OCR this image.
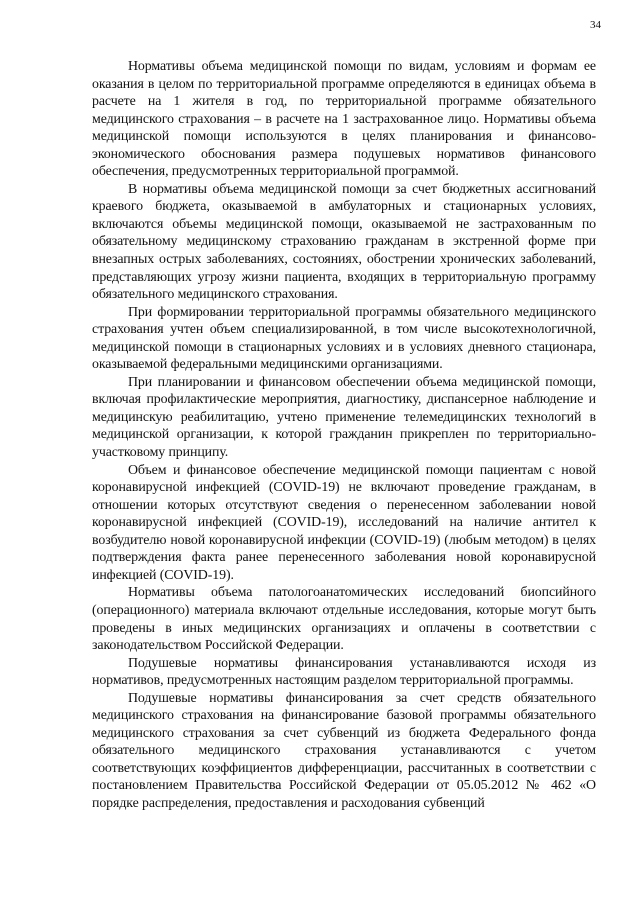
34

Нормативы объема медицинской помощи по видам, условиям и формам ее оказания в целом по территориальной программе определяются в единицах объема в расчете на 1 жителя в год, по территориальной программе обязательного медицинского страхования – в расчете на 1 застрахованное лицо. Нормативы объема медицинской помощи используются в целях планирования и финансово-экономического обоснования размера подушевых нормативов финансового обеспечения, предусмотренных территориальной программой.

В нормативы объема медицинской помощи за счет бюджетных ассигнований краевого бюджета, оказываемой в амбулаторных и стационарных условиях, включаются объемы медицинской помощи, оказываемой не застрахованным по обязательному медицинскому страхованию гражданам в экстренной форме при внезапных острых заболеваниях, состояниях, обострении хронических заболеваний, представляющих угрозу жизни пациента, входящих в территориальную программу обязательного медицинского страхования.

При формировании территориальной программы обязательного медицинского страхования учтен объем специализированной, в том числе высокотехнологичной, медицинской помощи в стационарных условиях и в условиях дневного стационара, оказываемой федеральными медицинскими организациями.

При планировании и финансовом обеспечении объема медицинской помощи, включая профилактические мероприятия, диагностику, диспансерное наблюдение и медицинскую реабилитацию, учтено применение телемедицинских технологий в медицинской организации, к которой гражданин прикреплен по территориально-участковому принципу.

Объем и финансовое обеспечение медицинской помощи пациентам с новой коронавирусной инфекцией (COVID-19) не включают проведение гражданам, в отношении которых отсутствуют сведения о перенесенном заболевании новой коронавирусной инфекцией (COVID-19), исследований на наличие антител к возбудителю новой коронавирусной инфекции (COVID-19) (любым методом) в целях подтверждения факта ранее перенесенного заболевания новой коронавирусной инфекцией (COVID-19).

Нормативы объема патологоанатомических исследований биопсийного (операционного) материала включают отдельные исследования, которые могут быть проведены в иных медицинских организациях и оплачены в соответствии с законодательством Российской Федерации.

Подушевые нормативы финансирования устанавливаются исходя из нормативов, предусмотренных настоящим разделом территориальной программы.

Подушевые нормативы финансирования за счет средств обязательного медицинского страхования на финансирование базовой программы обязательного медицинского страхования за счет субвенций из бюджета Федерального фонда обязательного медицинского страхования устанавливаются с учетом соответствующих коэффициентов дифференциации, рассчитанных в соответствии с постановлением Правительства Российской Федерации от 05.05.2012 № 462 «О порядке распределения, предоставления и расходования субвенций
